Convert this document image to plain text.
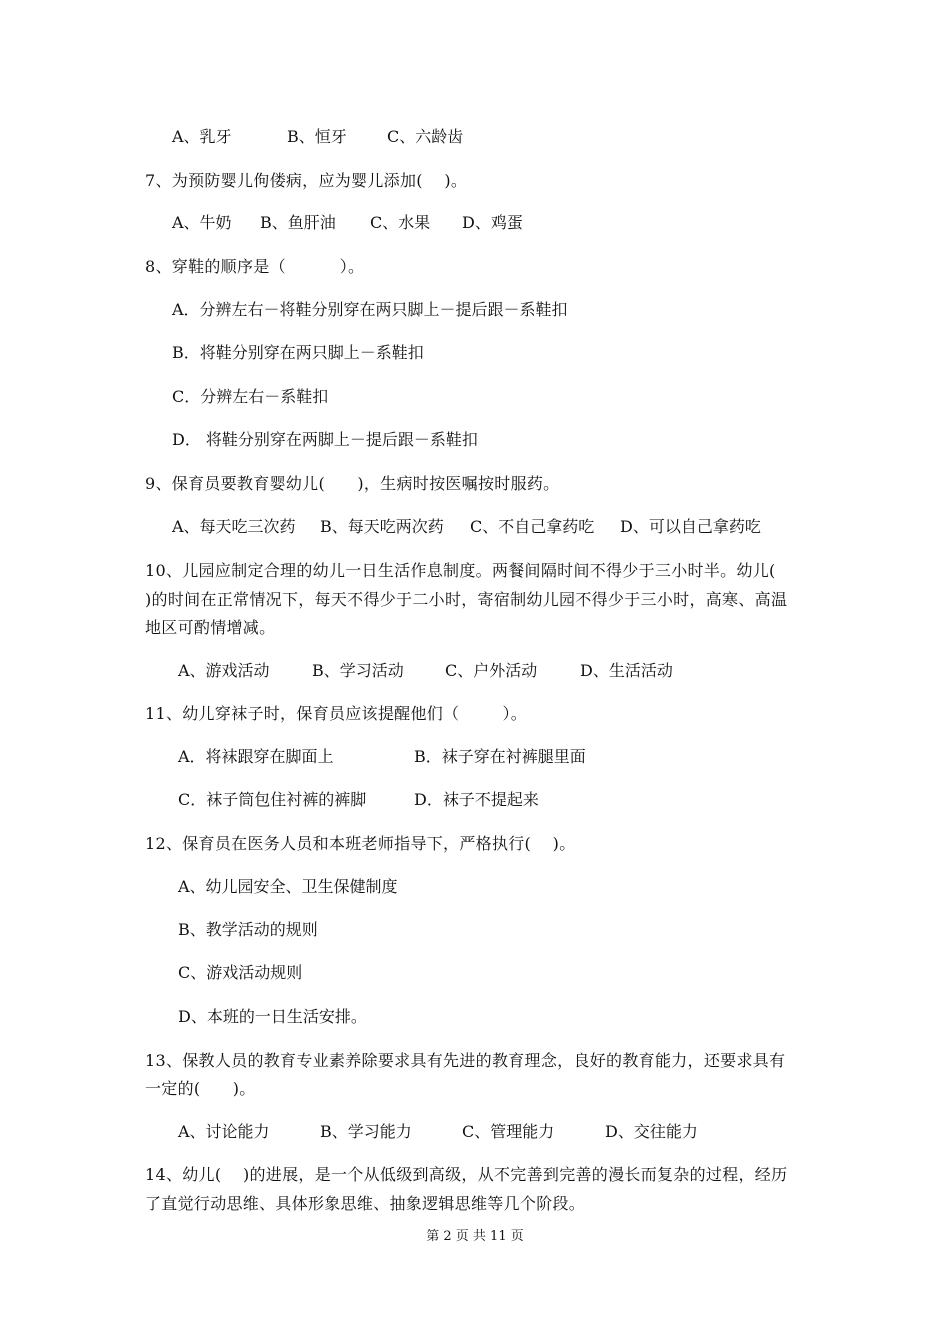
A、乳牙	B、恒牙	C、六龄齿
7、为预防婴儿佝偻病，应为婴儿添加(    )。
A、牛奶 B、鱼肝油 C、水果 D、鸡蛋
8、穿鞋的顺序是（          ）。
A．分辨左右－将鞋分别穿在两只脚上－提后跟－系鞋扣
B．将鞋分别穿在两只脚上－系鞋扣
C．分辨左右－系鞋扣
D． 将鞋分别穿在两脚上－提后跟－系鞋扣
9、保育员要教育婴幼儿(      )，生病时按医嘱按时服药。
A、每天吃三次药 B、每天吃两次药 C、不自己拿药吃 D、可以自己拿药吃
10、儿园应制定合理的幼儿一日生活作息制度。两餐间隔时间不得少于三小时半。幼儿(
)的时间在正常情况下，每天不得少于二小时，寄宿制幼儿园不得少于三小时，高寒、高温
地区可酌情增减。
A、游戏活动	B、学习活动	C、户外活动	D、生活活动
11、幼儿穿袜子时，保育员应该提醒他们（        ）。
A．将袜跟穿在脚面上	B．袜子穿在衬裤腿里面
C．袜子筒包住衬裤的裤脚	D．袜子不提起来
12、保育员在医务人员和本班老师指导下，严格执行(    )。
A、幼儿园安全、卫生保健制度
B、教学活动的规则
C、游戏活动规则
D、本班的一日生活安排。
13、保教人员的教育专业素养除要求具有先进的教育理念，良好的教育能力，还要求具有
一定的(      )。
A、讨论能力	B、学习能力	C、管理能力	D、交往能力
14、幼儿(    )的进展，是一个从低级到高级，从不完善到完善的漫长而复杂的过程，经历
了直觉行动思维、具体形象思维、抽象逻辑思维等几个阶段。
第 2 页 共 11 页
